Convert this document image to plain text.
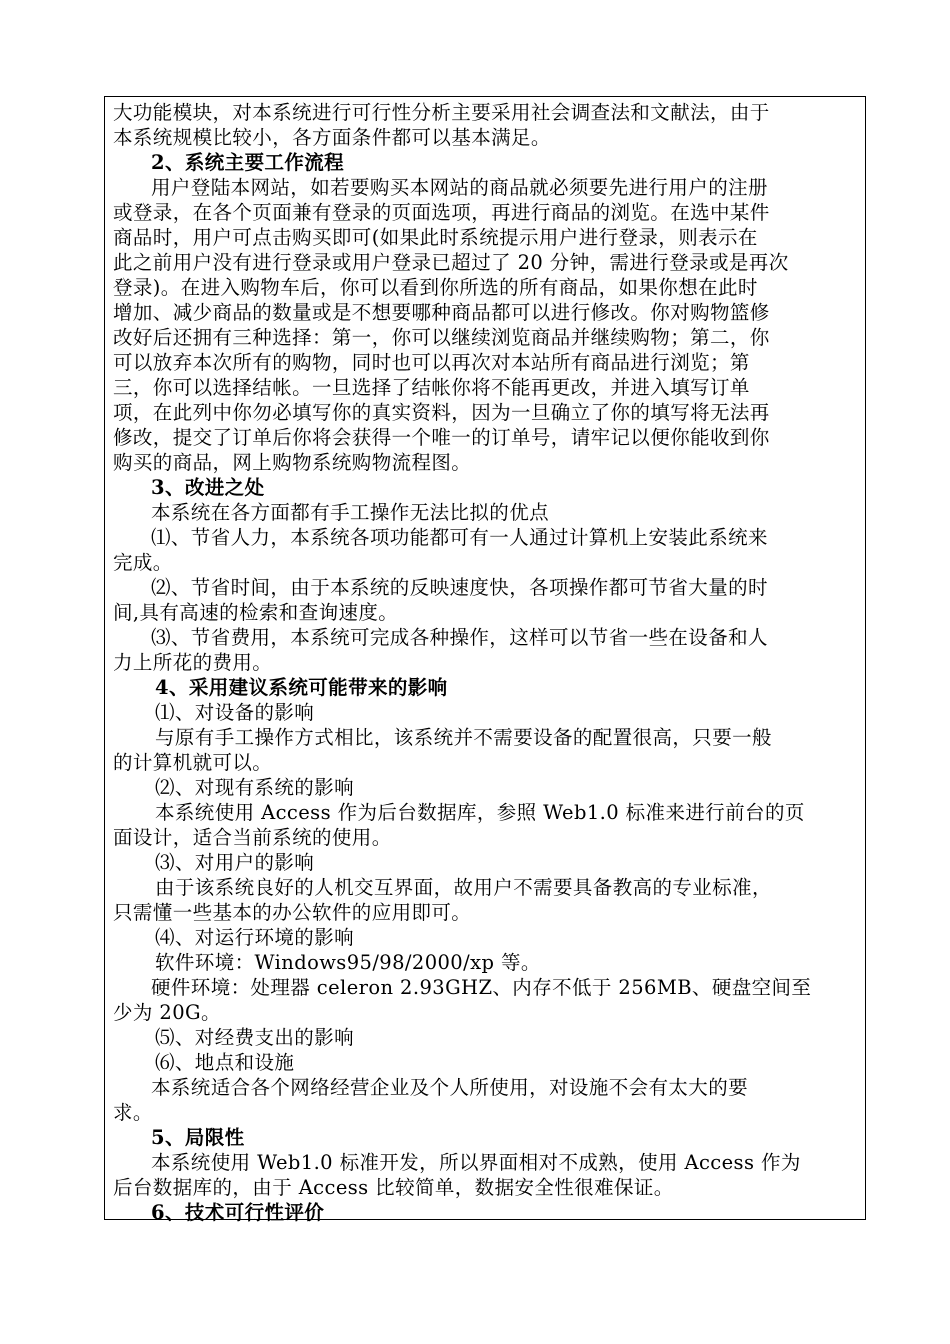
大功能模块，对本系统进行可行性分析主要采用社会调查法和文献法，由于
本系统规模比较小，各方面条件都可以基本满足。
2、系统主要工作流程
用户登陆本网站，如若要购买本网站的商品就必须要先进行用户的注册
或登录，在各个页面兼有登录的页面选项，再进行商品的浏览。在选中某件
商品时，用户可点击购买即可(如果此时系统提示用户进行登录，则表示在
此之前用户没有进行登录或用户登录已超过了 20 分钟，需进行登录或是再次
登录)。在进入购物车后，你可以看到你所选的所有商品，如果你想在此时
增加、减少商品的数量或是不想要哪种商品都可以进行修改。你对购物篮修
改好后还拥有三种选择：第一，你可以继续浏览商品并继续购物；第二，你
可以放弃本次所有的购物，同时也可以再次对本站所有商品进行浏览；第
三，你可以选择结帐。一旦选择了结帐你将不能再更改，并进入填写订单
项，在此列中你勿必填写你的真实资料，因为一旦确立了你的填写将无法再
修改，提交了订单后你将会获得一个唯一的订单号，请牢记以便你能收到你
购买的商品，网上购物系统购物流程图。
3、改进之处
本系统在各方面都有手工操作无法比拟的优点
⑴、节省人力，本系统各项功能都可有一人通过计算机上安装此系统来
完成。
⑵、节省时间，由于本系统的反映速度快，各项操作都可节省大量的时
间,具有高速的检索和查询速度。
⑶、节省费用，本系统可完成各种操作，这样可以节省一些在设备和人
力上所花的费用。
4、采用建议系统可能带来的影响
⑴、对设备的影响
与原有手工操作方式相比，该系统并不需要设备的配置很高，只要一般
的计算机就可以。
⑵、对现有系统的影响
本系统使用 Access 作为后台数据库，参照 Web1.0 标准来进行前台的页
面设计，适合当前系统的使用。
⑶、对用户的影响
由于该系统良好的人机交互界面，故用户不需要具备教高的专业标准，
只需懂一些基本的办公软件的应用即可。
⑷、对运行环境的影响
软件环境：Windows95/98/2000/xp 等。
硬件环境：处理器 celeron 2.93GHZ、内存不低于 256MB、硬盘空间至
少为 20G。
⑸、对经费支出的影响
⑹、地点和设施
本系统适合各个网络经营企业及个人所使用，对设施不会有太大的要
求。
5、局限性
本系统使用 Web1.0 标准开发，所以界面相对不成熟，使用 Access 作为
后台数据库的，由于 Access 比较简单，数据安全性很难保证。
6、技术可行性评价
